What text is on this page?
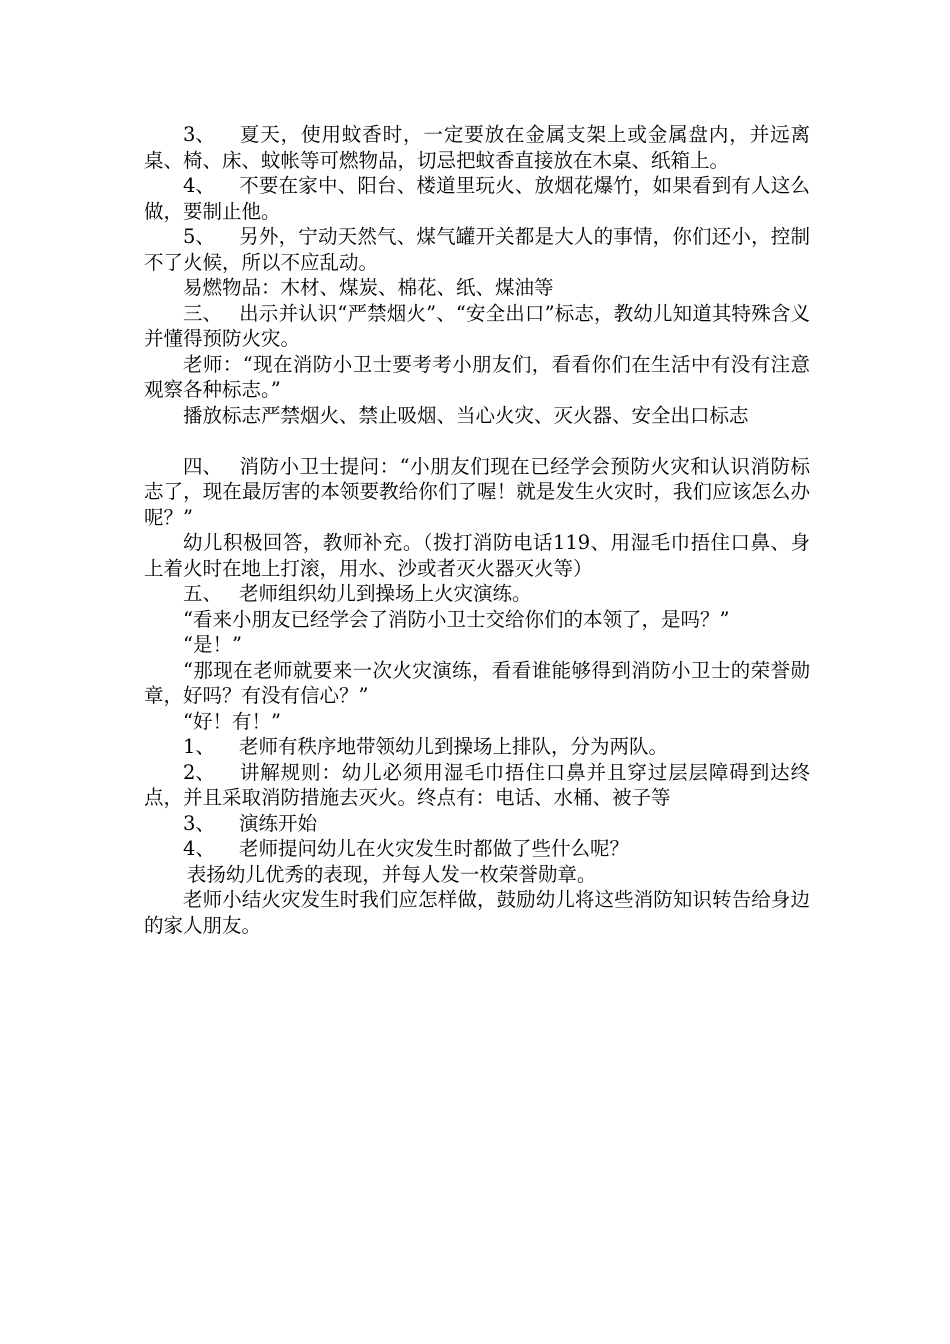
3、 夏天，使用蚊香时，一定要放在金属支架上或金属盘内，并远离桌、椅、床、蚊帐等可燃物品，切忌把蚊香直接放在木桌、纸箱上。

4、 不要在家中、阳台、楼道里玩火、放烟花爆竹，如果看到有人这么做，要制止他。

5、 另外，宁动天然气、煤气罐开关都是大人的事情，你们还小，控制不了火候，所以不应乱动。

易燃物品：木材、煤炭、棉花、纸、煤油等

三、 出示并认识“严禁烟火”、“安全出口”标志，教幼儿知道其特殊含义并懂得预防火灾。

老师：“现在消防小卫士要考考小朋友们，看看你们在生活中有没有注意观察各种标志。”

播放标志严禁烟火、禁止吸烟、当心火灾、灭火器、安全出口标志

四、 消防小卫士提问：“小朋友们现在已经学会预防火灾和认识消防标志了，现在最厉害的本领要教给你们了喔！就是发生火灾时，我们应该怎么办呢？”

幼儿积极回答，教师补充。（拨打消防电话119、用湿毛巾捂住口鼻、身上着火时在地上打滚，用水、沙或者灭火器灭火等）

五、 老师组织幼儿到操场上火灾演练。

“看来小朋友已经学会了消防小卫士交给你们的本领了，是吗？”

“是！”

“那现在老师就要来一次火灾演练，看看谁能够得到消防小卫士的荣誉勋章，好吗？有没有信心？”

“好！有！”

1、 老师有秩序地带领幼儿到操场上排队，分为两队。

2、 讲解规则：幼儿必须用湿毛巾捂住口鼻并且穿过层层障碍到达终点，并且采取消防措施去灭火。终点有：电话、水桶、被子等

3、 演练开始

4、 老师提问幼儿在火灾发生时都做了些什么呢？

表扬幼儿优秀的表现，并每人发一枚荣誉勋章。

老师小结火灾发生时我们应怎样做，鼓励幼儿将这些消防知识转告给身边的家人朋友。
